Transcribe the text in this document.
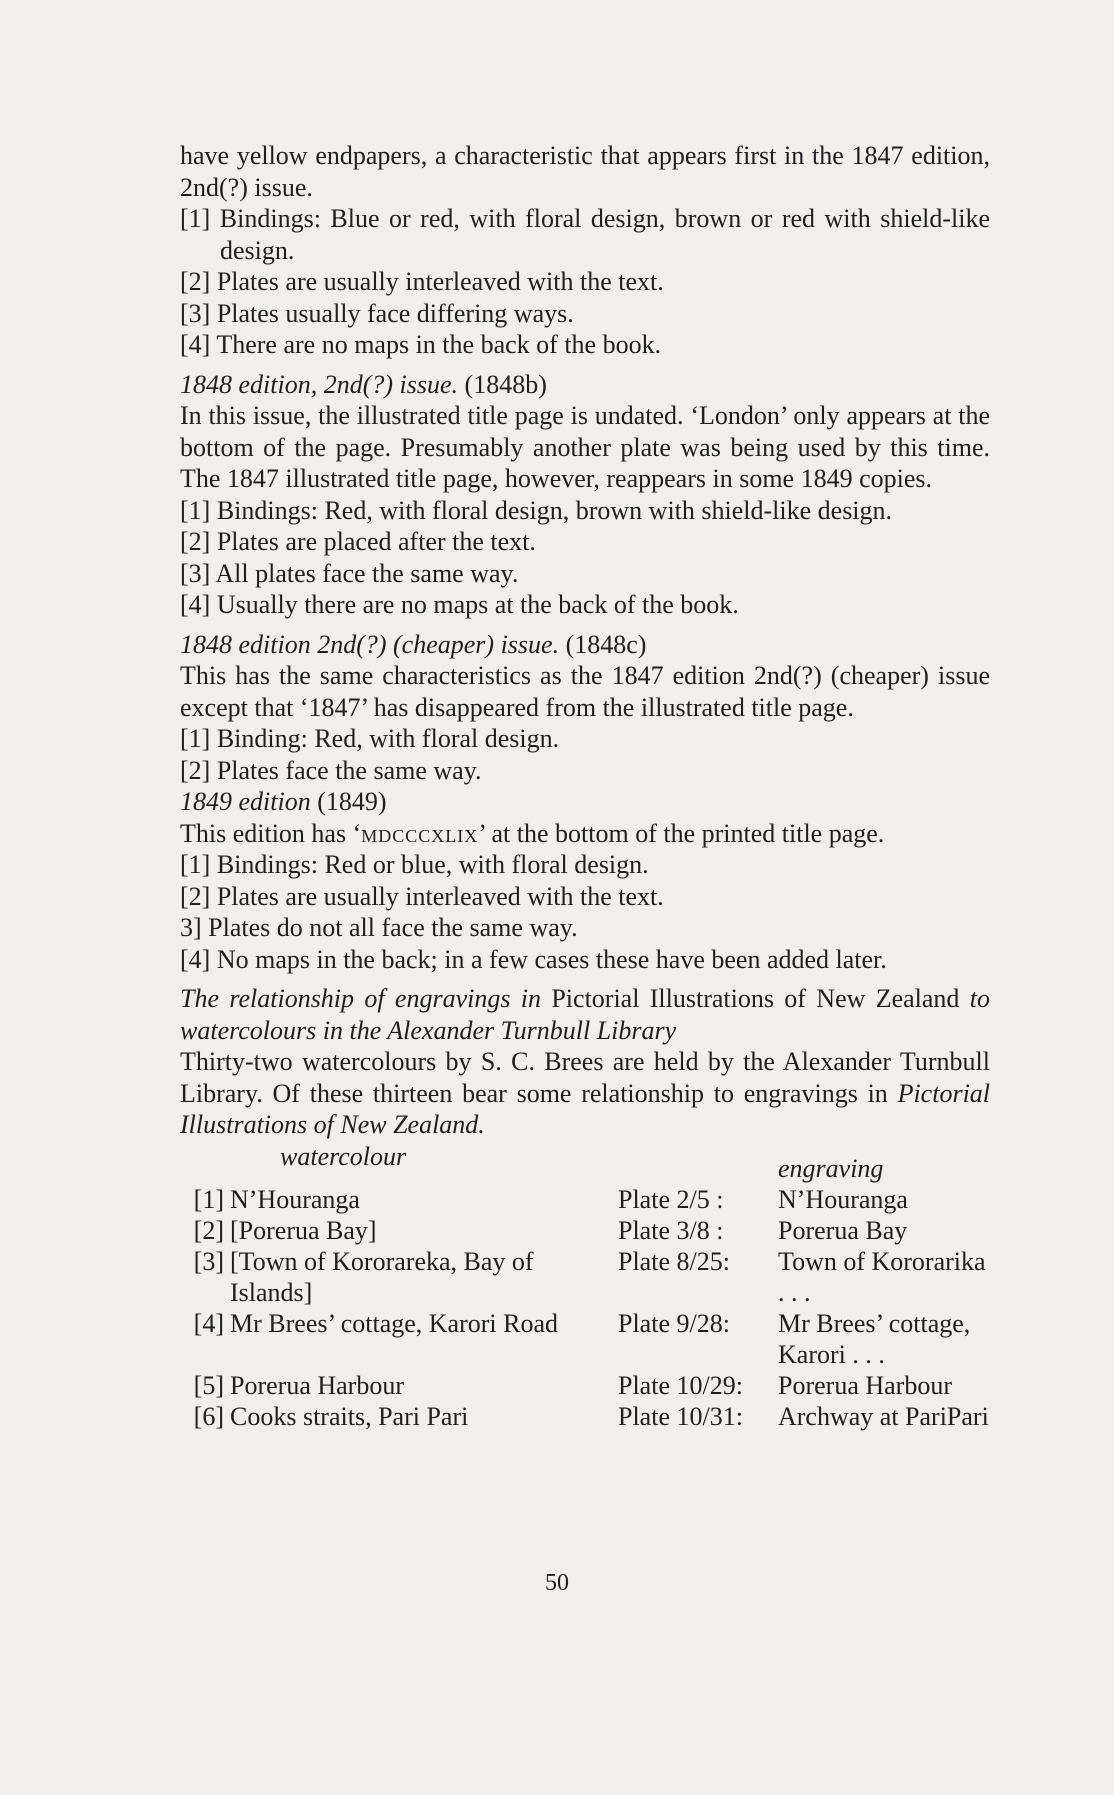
have yellow endpapers, a characteristic that appears first in the 1847 edition, 2nd(?) issue.

[1] Bindings: Blue or red, with floral design, brown or red with shield-like design.

[2] Plates are usually interleaved with the text.

[3] Plates usually face differing ways.

[4] There are no maps in the back of the book.

1848 edition, 2nd(?) issue. (1848b)

In this issue, the illustrated title page is undated. ‘London’ only appears at the bottom of the page. Presumably another plate was being used by this time. The 1847 illustrated title page, however, reappears in some 1849 copies.

[1] Bindings: Red, with floral design, brown with shield-like design.

[2] Plates are placed after the text.

[3] All plates face the same way.

[4] Usually there are no maps at the back of the book.

1848 edition 2nd(?) (cheaper) issue. (1848c)

This has the same characteristics as the 1847 edition 2nd(?) (cheaper) issue except that ‘1847’ has disappeared from the illustrated title page.

[1] Binding: Red, with floral design.

[2] Plates face the same way.

1849 edition (1849)

This edition has ‘mdcccxlix’ at the bottom of the printed title page.

[1] Bindings: Red or blue, with floral design.

[2] Plates are usually interleaved with the text.

3] Plates do not all face the same way.

[4] No maps in the back; in a few cases these have been added later.

The relationship of engravings in Pictorial Illustrations of New Zealand to watercolours in the Alexander Turnbull Library

Thirty-two watercolours by S. C. Brees are held by the Alexander Turnbull Library. Of these thirteen bear some relationship to engravings in Pictorial Illustrations of New Zealand.

	watercolour		engraving
[1]	N’Houranga	Plate 2/5 :	N’Houranga
[2]	[Porerua Bay]	Plate 3/8 :	Porerua Bay
[3]	[Town of Kororareka, Bay of Islands]	Plate 8/25:	Town of Kororarika . . .
[4]	Mr Brees’ cottage, Karori Road	Plate 9/28:	Mr Brees’ cottage, Karori . . .
[5]	Porerua Harbour	Plate 10/29:	Porerua Harbour
[6]	Cooks straits, Pari Pari	Plate 10/31:	Archway at PariPari
50
